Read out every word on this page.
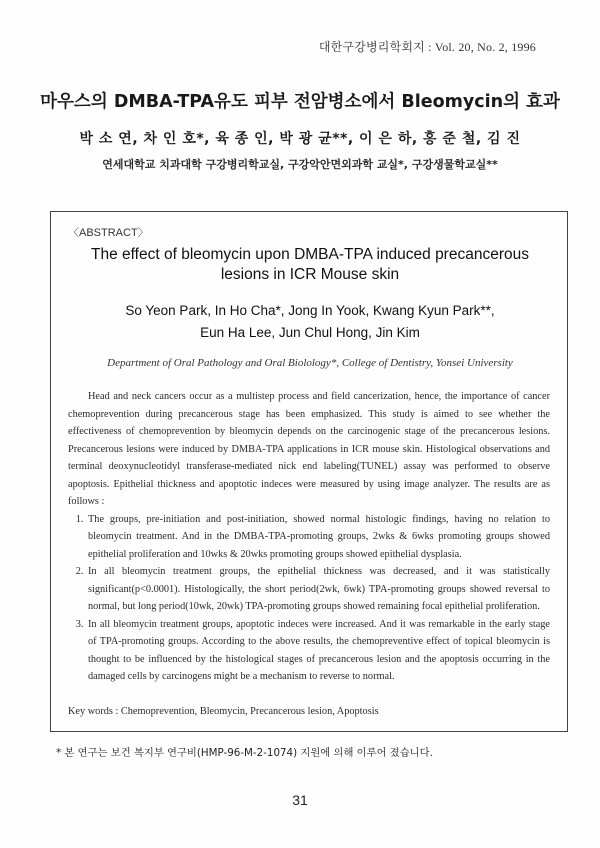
대한구강병리학회지 : Vol. 20, No. 2, 1996
마우스의 DMBA-TPA유도 피부 전암병소에서 Bleomycin의 효과
박 소 연, 차 인 호*, 육 종 인, 박 광 균**, 이 은 하, 홍 준 철, 김 진
연세대학교 치과대학 구강병리학교실, 구강악안면외과학 교실*, 구강생물학교실**
〈ABSTRACT〉
The effect of bleomycin upon DMBA-TPA induced precancerous
lesions in ICR Mouse skin
So Yeon Park, In Ho Cha*, Jong In Yook, Kwang Kyun Park**,
Eun Ha Lee, Jun Chul Hong, Jin Kim
Department of Oral Pathology and Oral Biolology*, College of Dentistry, Yonsei University

Head and neck cancers occur as a multistep process and field cancerization, hence, the importance of cancer chemoprevention during precancerous stage has been emphasized. This study is aimed to see whether the effectiveness of chemoprevention by bleomycin depends on the carcinogenic stage of the precancerous lesions. Precancerous lesions were induced by DMBA-TPA applications in ICR mouse skin. Histological observations and terminal deoxynucleotidyl transferase-mediated nick end labeling(TUNEL) assay was performed to observe apoptosis. Epithelial thickness and apoptotic indeces were measured by using image analyzer. The results are as follows :

1. The groups, pre-initiation and post-initiation, showed normal histologic findings, having no relation to bleomycin treatment. And in the DMBA-TPA-promoting groups, 2wks & 6wks promoting groups showed epithelial proliferation and 10wks & 20wks promoting groups showed epithelial dysplasia.
2. In all bleomycin treatment groups, the epithelial thickness was decreased, and it was statistically significant(p<0.0001). Histologically, the short period(2wk, 6wk) TPA-promoting groups showed reversal to normal, but long period(10wk, 20wk) TPA-promoting groups showed remaining focal epithelial proliferation.
3. In all bleomycin treatment groups, apoptotic indeces were increased. And it was remarkable in the early stage of TPA-promoting groups. According to the above results, the chemopreventive effect of topical bleomycin is thought to be influenced by the histological stages of precancerous lesion and the apoptosis occurring in the damaged cells by carcinogens might be a mechanism to reverse to normal.
Key words : Chemoprevention, Bleomycin, Precancerous lesion, Apoptosis
* 본 연구는 보건 복지부 연구비(HMP-96-M-2-1074) 지원에 의해 이루어 졌습니다.
31
